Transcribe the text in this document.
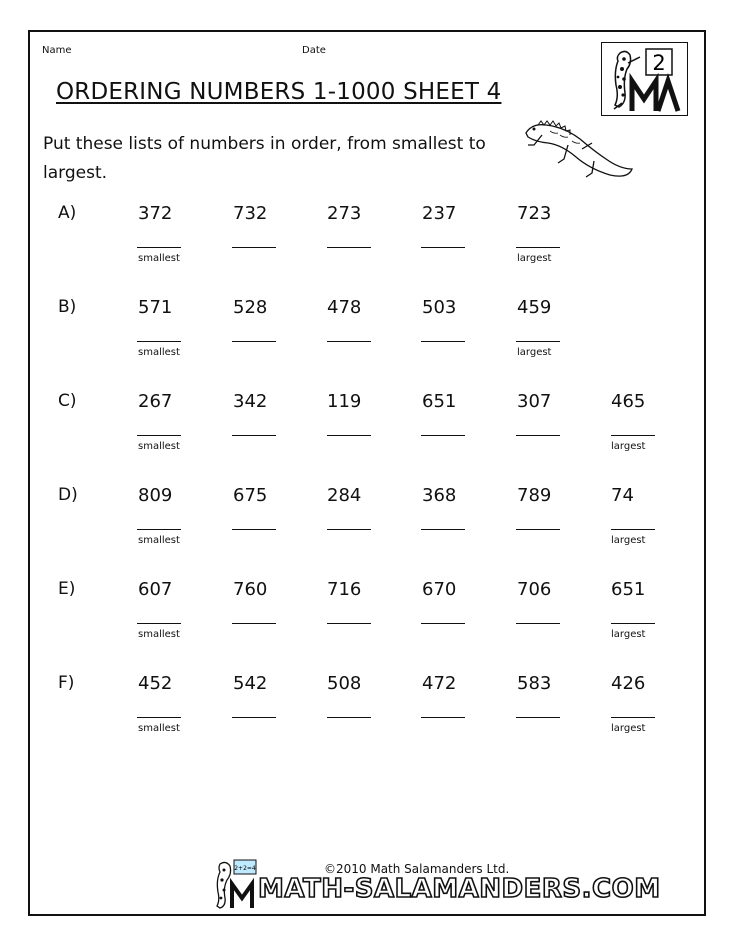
Name	Date
2
ORDERING NUMBERS 1-1000 SHEET 4
Put these lists of numbers in order, from smallest to largest.
A)	372	732	273	237	723
smallest	largest
B)	571	528	478	503	459
smallest	largest
C)	267	342	119	651	307	465
smallest	largest
D)	809	675	284	368	789	74
smallest	largest
E)	607	760	716	670	706	651
smallest	largest
F)	452	542	508	472	583	426
smallest	largest
2+2=4	©2010 Math Salamanders Ltd.
MATH-SALAMANDERS.COM
